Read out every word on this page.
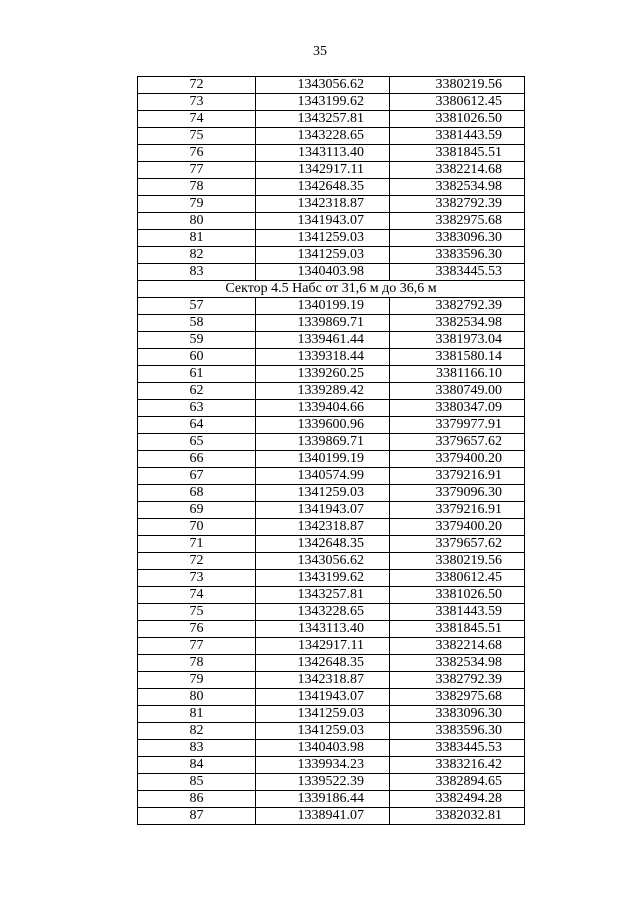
35
72	1343056.62	3380219.56
73	1343199.62	3380612.45
74	1343257.81	3381026.50
75	1343228.65	3381443.59
76	1343113.40	3381845.51
77	1342917.11	3382214.68
78	1342648.35	3382534.98
79	1342318.87	3382792.39
80	1341943.07	3382975.68
81	1341259.03	3383096.30
82	1341259.03	3383596.30
83	1340403.98	3383445.53
Сектор 4.5 Набс от 31,6 м до 36,6 м		
57	1340199.19	3382792.39
58	1339869.71	3382534.98
59	1339461.44	3381973.04
60	1339318.44	3381580.14
61	1339260.25	3381166.10
62	1339289.42	3380749.00
63	1339404.66	3380347.09
64	1339600.96	3379977.91
65	1339869.71	3379657.62
66	1340199.19	3379400.20
67	1340574.99	3379216.91
68	1341259.03	3379096.30
69	1341943.07	3379216.91
70	1342318.87	3379400.20
71	1342648.35	3379657.62
72	1343056.62	3380219.56
73	1343199.62	3380612.45
74	1343257.81	3381026.50
75	1343228.65	3381443.59
76	1343113.40	3381845.51
77	1342917.11	3382214.68
78	1342648.35	3382534.98
79	1342318.87	3382792.39
80	1341943.07	3382975.68
81	1341259.03	3383096.30
82	1341259.03	3383596.30
83	1340403.98	3383445.53
84	1339934.23	3383216.42
85	1339522.39	3382894.65
86	1339186.44	3382494.28
87	1338941.07	3382032.81
